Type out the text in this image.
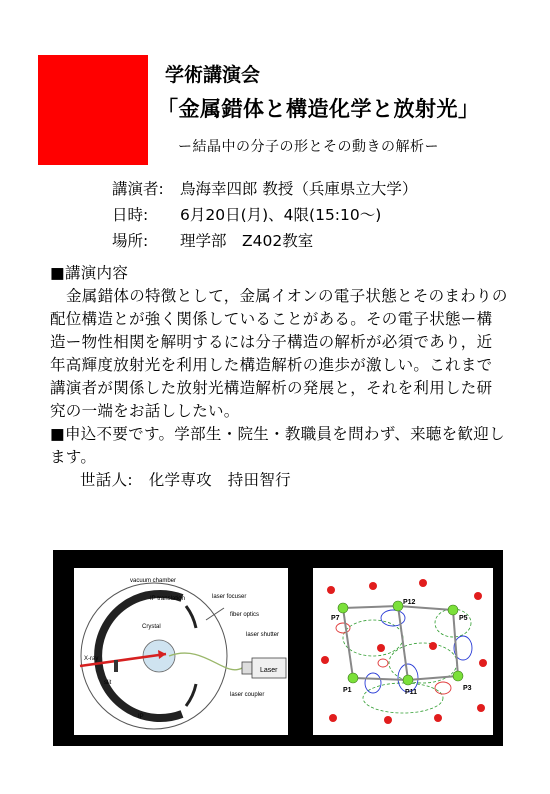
学術講演会
「金属錯体と構造化学と放射光」
ー結晶中の分子の形とその動きの解析ー
講演者:	鳥海幸四郎 教授（兵庫県立大学）
日時:	6月20日(月)、4限(15:10〜)
場所:	理学部　Z402教室

■講演内容

金属錯体の特徴として，金属イオンの電子状態とそのまわりの配位構造とが強く関係していることがある。その電子状態ー構造ー物性相関を解明するには分子構造の解析が必須であり，近年高輝度放射光を利用した構造解析の進歩が激しい。これまで講演者が関係した放射光構造解析の発展と，それを利用した研究の一端をお話ししたい。

■申込不要です。学部生・院生・教職員を問わず、来聴を歓迎します。

世話人:　化学専攻　持田智行

vacuum chamber
IP translation	laser focuser
Crystal
fiber optics
laser shutter
X-ray
slit
Laser
laser coupler
IP
P7
P12
P5
P1	P11
P3
